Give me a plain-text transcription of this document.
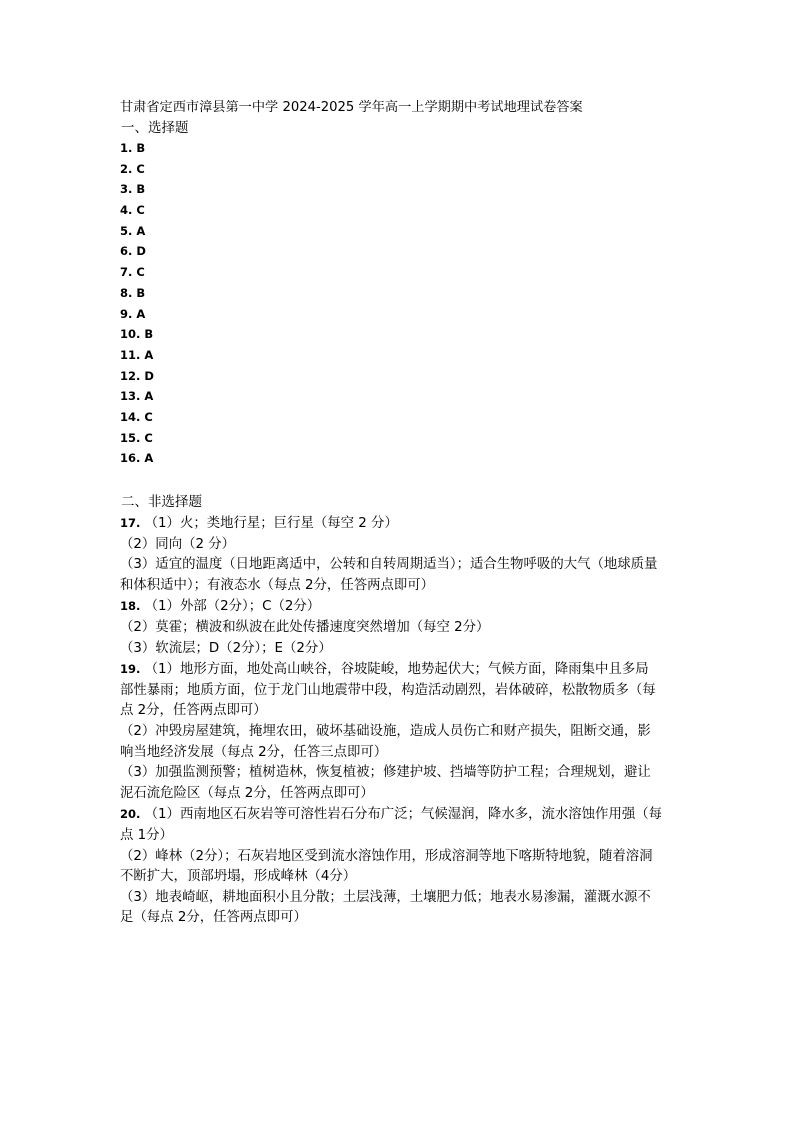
甘肃省定西市漳县第一中学 2024-2025 学年高一上学期期中考试地理试卷答案
一、选择题
1. B
2. C
3. B
4. C
5. A
6. D
7. C
8. B
9. A
10. B
11. A
12. D
13. A
14. C
15. C
16. A
二、非选择题
17. （1）火；类地行星；巨行星（每空 2 分）
（2）同向（2 分）
（3）适宜的温度（日地距离适中，公转和自转周期适当）；适合生物呼吸的大气（地球质量
和体积适中）；有液态水（每点 2分，任答两点即可）
18. （1）外部（2分）；C（2分）
（2）莫霍；横波和纵波在此处传播速度突然增加（每空 2分）
（3）软流层；D（2分）；E（2分）
19. （1）地形方面，地处高山峡谷，谷坡陡峻，地势起伏大；气候方面，降雨集中且多局
部性暴雨；地质方面，位于龙门山地震带中段，构造活动剧烈，岩体破碎，松散物质多（每
点 2分，任答两点即可）
（2）冲毁房屋建筑，掩埋农田，破坏基础设施，造成人员伤亡和财产损失，阻断交通，影
响当地经济发展（每点 2分，任答三点即可）
（3）加强监测预警；植树造林，恢复植被；修建护坡、挡墙等防护工程；合理规划，避让
泥石流危险区（每点 2分，任答两点即可）
20. （1）西南地区石灰岩等可溶性岩石分布广泛；气候湿润，降水多，流水溶蚀作用强（每
点 1分）
（2）峰林（2分）；石灰岩地区受到流水溶蚀作用，形成溶洞等地下喀斯特地貌，随着溶洞
不断扩大，顶部坍塌，形成峰林（4分）
（3）地表崎岖，耕地面积小且分散；土层浅薄，土壤肥力低；地表水易渗漏，灌溉水源不
足（每点 2分，任答两点即可）
